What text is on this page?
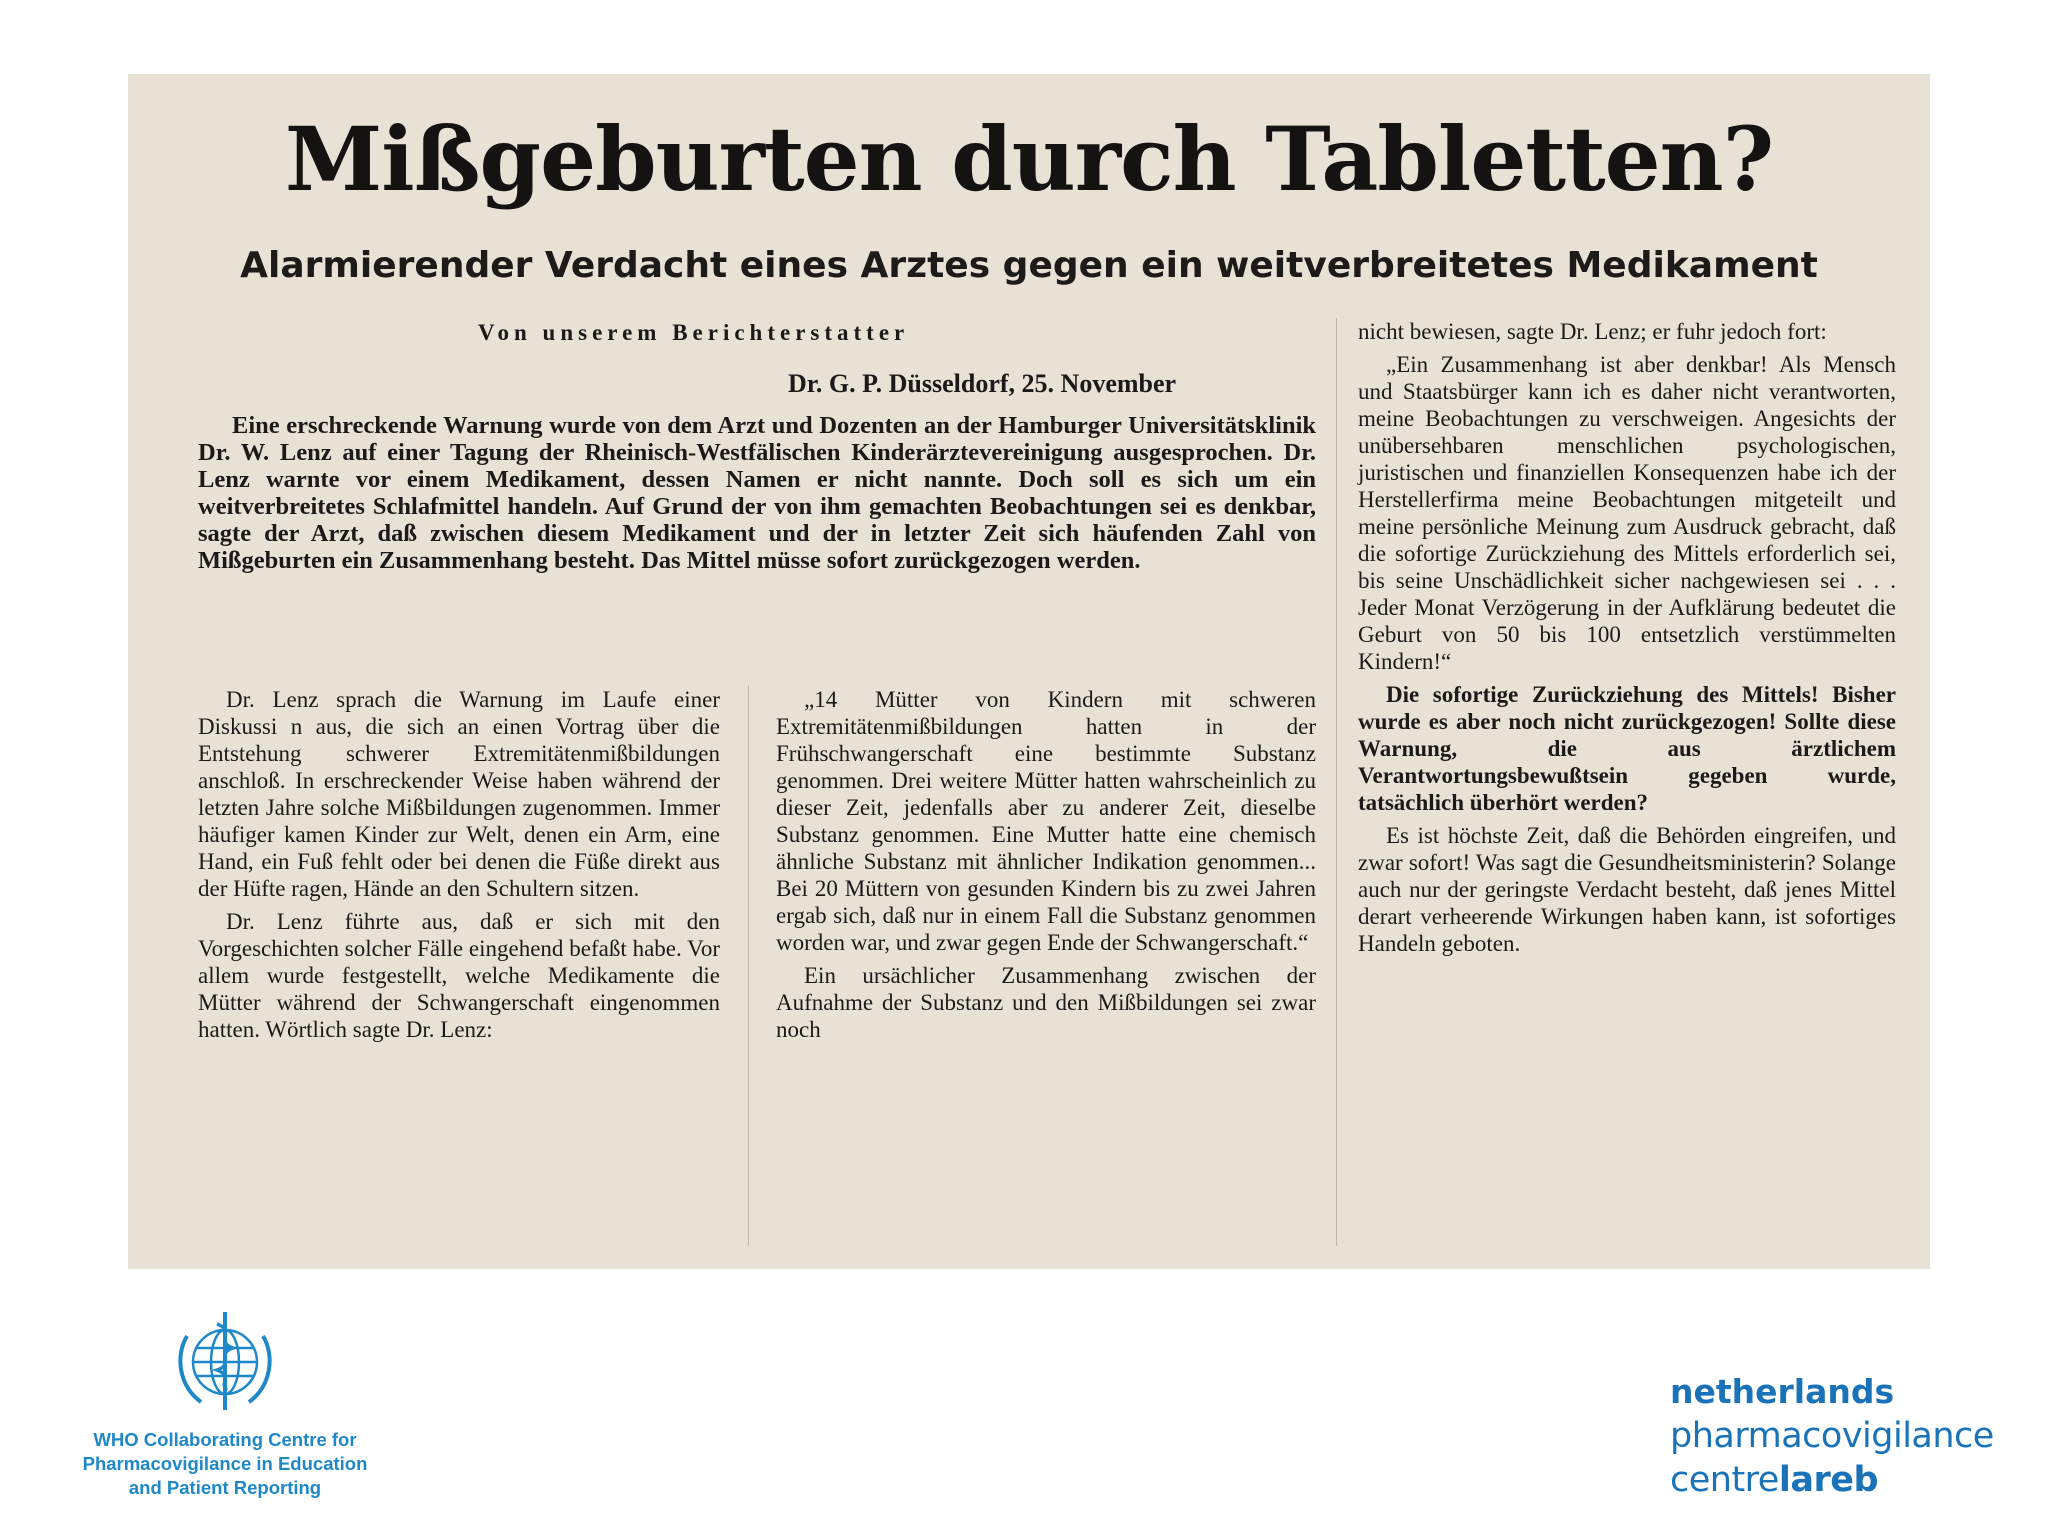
Mißgeburten durch Tabletten?
Alarmierender Verdacht eines Arztes gegen ein weitverbreitetes Medikament
Von unserem Berichterstatter
Dr. G. P. Düsseldorf, 25. November

Eine erschreckende Warnung wurde von dem Arzt und Dozenten an der Hamburger Universitätsklinik Dr. W. Lenz auf einer Tagung der Rheinisch-Westfälischen Kinderärztevereinigung ausgesprochen. Dr. Lenz warnte vor einem Medikament, dessen Namen er nicht nannte. Doch soll es sich um ein weitverbreitetes Schlafmittel handeln. Auf Grund der von ihm gemachten Beobachtungen sei es denkbar, sagte der Arzt, daß zwischen diesem Medikament und der in letzter Zeit sich häufenden Zahl von Mißgeburten ein Zusammenhang besteht. Das Mittel müsse sofort zurückgezogen werden.

Dr. Lenz sprach die Warnung im Laufe einer Diskussi n aus, die sich an einen Vortrag über die Entstehung schwerer Extremitätenmißbildungen anschloß. In erschreckender Weise haben während der letzten Jahre solche Mißbildungen zugenommen. Immer häufiger kamen Kinder zur Welt, denen ein Arm, eine Hand, ein Fuß fehlt oder bei denen die Füße direkt aus der Hüfte ragen, Hände an den Schultern sitzen.

Dr. Lenz führte aus, daß er sich mit den Vorgeschichten solcher Fälle eingehend befaßt habe. Vor allem wurde festgestellt, welche Medikamente die Mütter während der Schwangerschaft eingenommen hatten. Wörtlich sagte Dr. Lenz:

„14 Mütter von Kindern mit schweren Extremitätenmißbildungen hatten in der Frühschwangerschaft eine bestimmte Substanz genommen. Drei weitere Mütter hatten wahrscheinlich zu dieser Zeit, jedenfalls aber zu anderer Zeit, dieselbe Substanz genommen. Eine Mutter hatte eine chemisch ähnliche Substanz mit ähnlicher Indikation genommen... Bei 20 Müttern von gesunden Kindern bis zu zwei Jahren ergab sich, daß nur in einem Fall die Substanz genommen worden war, und zwar gegen Ende der Schwangerschaft.“

Ein ursächlicher Zusammenhang zwischen der Aufnahme der Substanz und den Mißbildungen sei zwar noch

nicht bewiesen, sagte Dr. Lenz; er fuhr jedoch fort:

„Ein Zusammenhang ist aber denkbar! Als Mensch und Staatsbürger kann ich es daher nicht verantworten, meine Beobachtungen zu verschweigen. Angesichts der unübersehbaren menschlichen psychologischen, juristischen und finanziellen Konsequenzen habe ich der Herstellerfirma meine Beobachtungen mitgeteilt und meine persönliche Meinung zum Ausdruck gebracht, daß die sofortige Zurückziehung des Mittels erforderlich sei, bis seine Unschädlichkeit sicher nachgewiesen sei . . . Jeder Monat Verzögerung in der Aufklärung bedeutet die Geburt von 50 bis 100 entsetzlich verstümmelten Kindern!“

Die sofortige Zurückziehung des Mittels! Bisher wurde es aber noch nicht zurückgezogen! Sollte diese Warnung, die aus ärztlichem Verantwortungsbewußtsein gegeben wurde, tatsächlich überhört werden?

Es ist höchste Zeit, daß die Behörden eingreifen, und zwar sofort! Was sagt die Gesundheitsministerin? Solange auch nur der geringste Verdacht besteht, daß jenes Mittel derart verheerende Wirkungen haben kann, ist sofortiges Handeln geboten.

WHO Collaborating Centre for
Pharmacovigilance in Education
and Patient Reporting
netherlands
pharmacovigilance
centrelareb
